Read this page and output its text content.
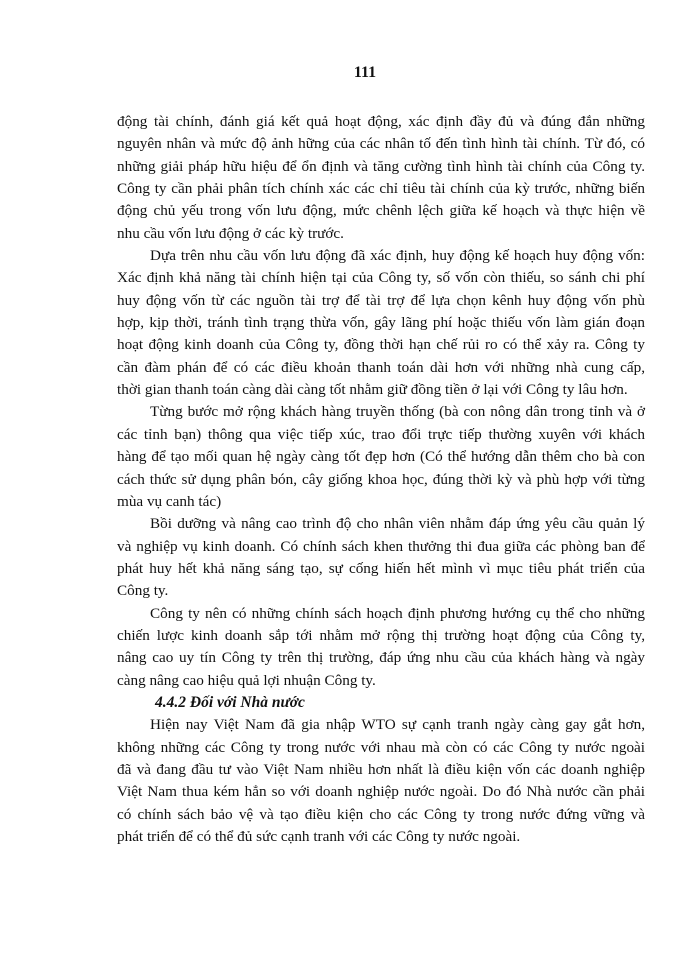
111
động tài chính, đánh giá kết quả hoạt động, xác định đầy đủ và đúng đắn những
nguyên nhân và mức độ ảnh hững của các nhân tố đến tình hình tài chính. Từ đó, có
những giải pháp hữu hiệu để ổn định và tăng cường tình hình tài chính của Công ty.
Công ty cần phải phân tích chính xác các chỉ tiêu tài chính của kỳ trước, những biến
động chủ yếu trong vốn lưu động, mức chênh lệch giữa kế hoạch và thực hiện về
nhu cầu vốn lưu động ở các kỳ trước.
Dựa trên nhu cầu vốn lưu động đã xác định, huy động kế hoạch huy động vốn:
Xác định khả năng tài chính hiện tại của Công ty, số vốn còn thiếu, so sánh chi phí
huy động vốn từ các nguồn tài trợ để tài trợ để lựa chọn kênh huy động vốn phù
hợp, kịp thời, tránh tình trạng thừa vốn, gây lãng phí hoặc thiếu vốn làm gián đoạn
hoạt động kinh doanh của Công ty, đồng thời hạn chế rủi ro có thể xảy ra. Công ty
cần đàm phán để có các điều khoản thanh toán dài hơn với những nhà cung cấp,
thời gian thanh toán càng dài càng tốt nhằm giữ đồng tiền ở lại với Công ty lâu hơn.
Từng bước mở rộng khách hàng truyền thống (bà con nông dân trong tỉnh và ở
các tỉnh bạn) thông qua việc tiếp xúc, trao đổi trực tiếp thường xuyên với khách
hàng để tạo mối quan hệ ngày càng tốt đẹp hơn (Có thể hướng dẫn thêm cho bà con
cách thức sử dụng phân bón, cây giống khoa học, đúng thời kỳ và phù hợp với từng
mùa vụ canh tác)
Bồi dưỡng và nâng cao trình độ cho nhân viên nhằm đáp ứng yêu cầu quản lý
và nghiệp vụ kinh doanh. Có chính sách khen thưởng thi đua giữa các phòng ban để
phát huy hết khả năng sáng tạo, sự cống hiến hết mình vì mục tiêu phát triển của
Công ty.
Công ty nên có những chính sách hoạch định phương hướng cụ thể cho những
chiến lược kinh doanh sắp tới nhằm mở rộng thị trường hoạt động của Công ty,
nâng cao uy tín Công ty trên thị trường, đáp ứng nhu cầu của khách hàng và ngày
càng nâng cao hiệu quả lợi nhuận Công ty.
4.4.2 Đối với Nhà nước
Hiện nay Việt Nam đã gia nhập WTO sự cạnh tranh ngày càng gay gắt hơn,
không những các Công ty trong nước với nhau mà còn có các Công ty nước ngoài
đã và đang đầu tư vào Việt Nam nhiều hơn nhất là điều kiện vốn các doanh nghiệp
Việt Nam thua kém hẳn so với doanh nghiệp nước ngoài. Do đó Nhà nước cần phải
có chính sách bảo vệ và tạo điều kiện cho các Công ty trong nước đứng vững và
phát triển để có thể đủ sức cạnh tranh với các Công ty nước ngoài.
